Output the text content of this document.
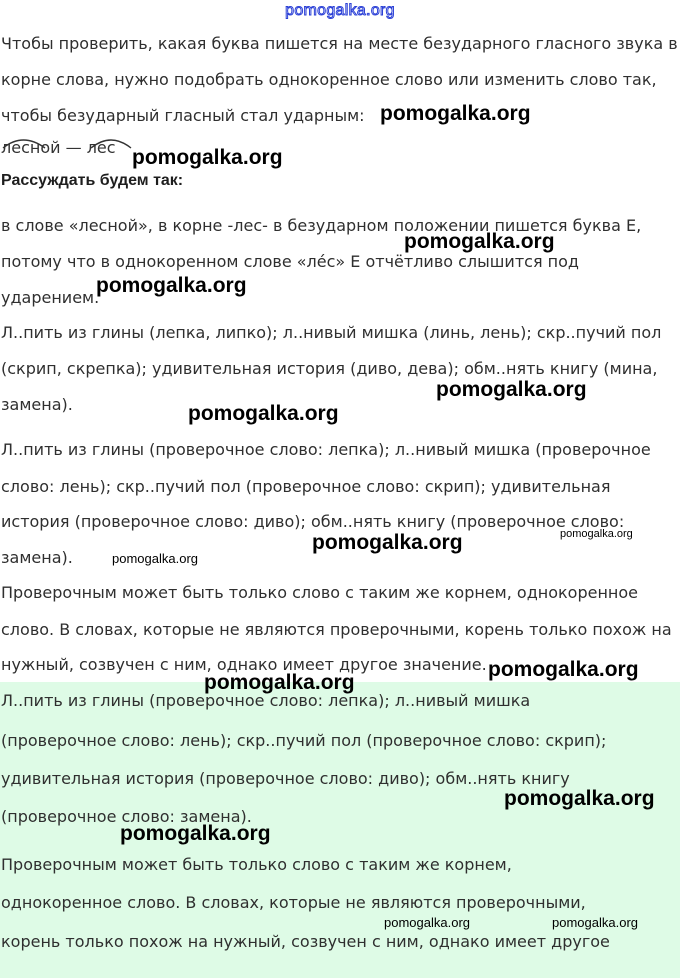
pomogalka.org
Чтобы проверить, какая буква пишется на месте безударного гласного звука в
корне слова, нужно подобрать однокоренное слово или изменить слово так,
чтобы безударный гласный стал ударным:
лесной — лес
Рассуждать будем так:
в слове «лесной», в корне -лес- в безударном положении пишется буква Е,
потому что в однокоренном слове «ле́с» Е отчётливо слышится под
ударением.
Л..пить из глины (лепка, липко); л..нивый мишка (линь, лень); скр..пучий пол
(скрип, скрепка); удивительная история (диво, дева); обм..нять книгу (мина,
замена).
Л..пить из глины (проверочное слово: лепка); л..нивый мишка (проверочное
слово: лень); скр..пучий пол (проверочное слово: скрип); удивительная
история (проверочное слово: диво); обм..нять книгу (проверочное слово:
замена).
Проверочным может быть только слово с таким же корнем, однокоренное
слово. В словах, которые не являются проверочными, корень только похож на
нужный, созвучен с ним, однако имеет другое значение.
Л..пить из глины (проверочное слово: лепка); л..нивый мишка
(проверочное слово: лень); скр..пучий пол (проверочное слово: скрип);
удивительная история (проверочное слово: диво); обм..нять книгу
(проверочное слово: замена).
Проверочным может быть только слово с таким же корнем,
однокоренное слово. В словах, которые не являются проверочными,
корень только похож на нужный, созвучен с ним, однако имеет другое
pomogalka.org
pomogalka.org
pomogalka.org
pomogalka.org
pomogalka.org
pomogalka.org
pomogalka.org
pomogalka.org
pomogalka.org
pomogalka.org
pomogalka.org
pomogalka.org
pomogalka.org
pomogalka.org	pomogalka.org
